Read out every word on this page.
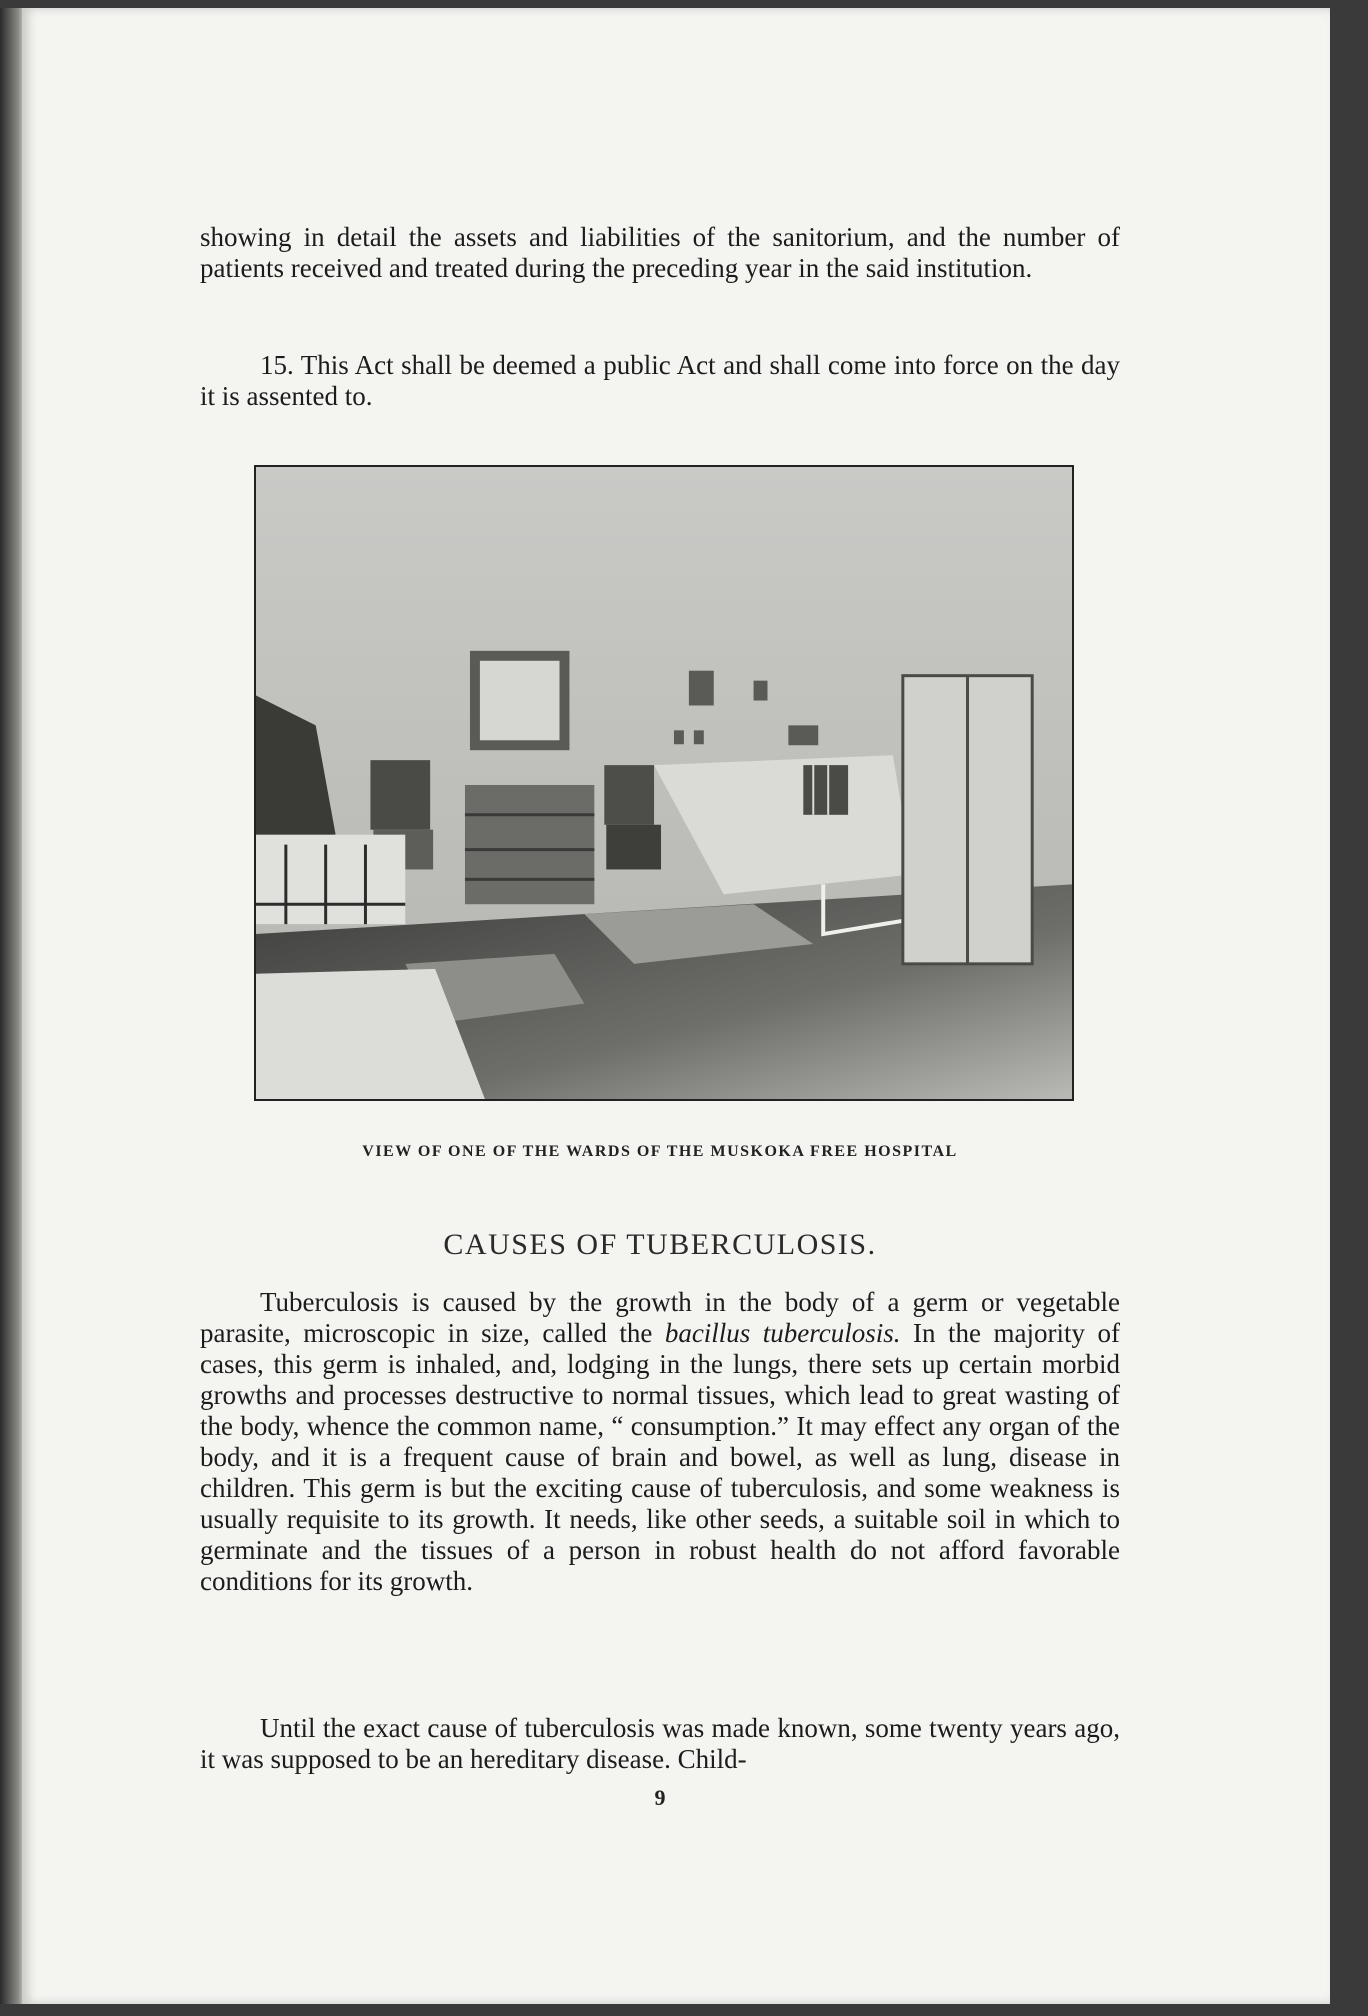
showing in detail the assets and liabilities of the sanitorium, and the number of patients received and treated during the preceding year in the said institution.

15. This Act shall be deemed a public Act and shall come into force on the day it is assented to.

VIEW OF ONE OF THE WARDS OF THE MUSKOKA FREE HOSPITAL
CAUSES OF TUBERCULOSIS.

Tuberculosis is caused by the growth in the body of a germ or vegetable parasite, microscopic in size, called the bacillus tuberculosis. In the majority of cases, this germ is inhaled, and, lodging in the lungs, there sets up certain morbid growths and processes destructive to normal tissues, which lead to great wasting of the body, whence the common name, “ consumption.” It may effect any organ of the body, and it is a frequent cause of brain and bowel, as well as lung, disease in children. This germ is but the exciting cause of tuberculosis, and some weakness is usually requisite to its growth. It needs, like other seeds, a suitable soil in which to germinate and the tissues of a person in robust health do not afford favorable conditions for its growth.

Until the exact cause of tuberculosis was made known, some twenty years ago, it was supposed to be an hereditary disease. Child-

9
